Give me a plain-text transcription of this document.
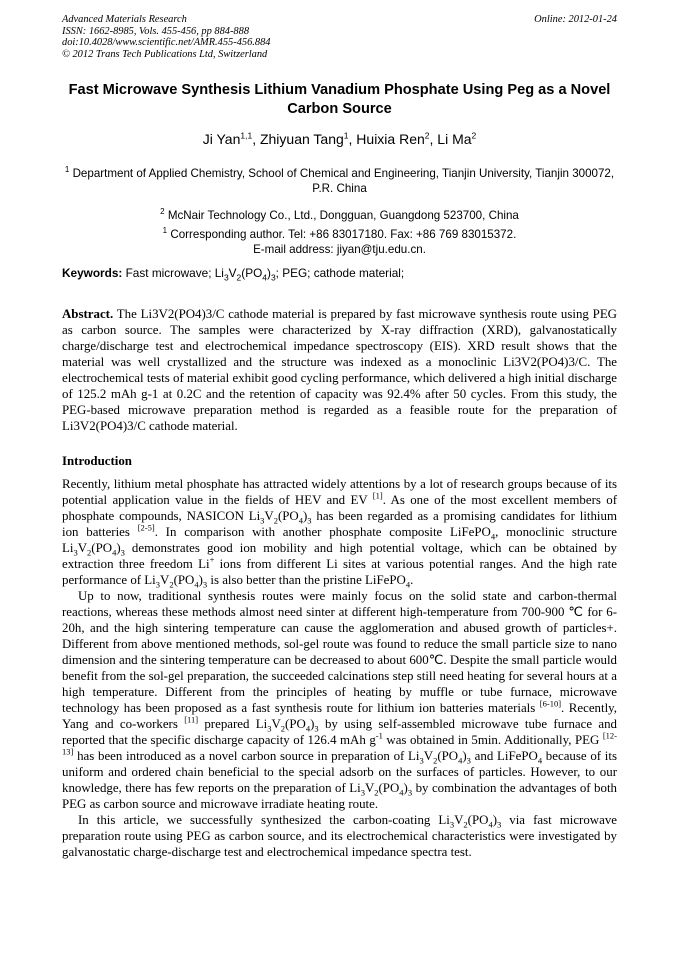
Advanced Materials Research
ISSN: 1662-8985, Vols. 455-456, pp 884-888
doi:10.4028/www.scientific.net/AMR.455-456.884
© 2012 Trans Tech Publications Ltd, Switzerland
Online: 2012-01-24
Fast Microwave Synthesis Lithium Vanadium Phosphate Using Peg as a Novel Carbon Source
Ji Yan$^{1,1}$, Zhiyuan Tang$^1$, Huixia Ren$^2$, Li Ma$^2$
$^1$ Department of Applied Chemistry, School of Chemical and Engineering, Tianjin University, Tianjin 300072, P.R. China
$^2$ McNair Technology Co., Ltd., Dongguan, Guangdong 523700, China
$^1$ Corresponding author. Tel: +86 83017180. Fax: +86 769 83015372.
E-mail address: jiyan@tju.edu.cn.
Keywords: Fast microwave; $Li_3V_2(PO_4)_3$; PEG; cathode material;
Abstract. The Li3V2(PO4)3/C cathode material is prepared by fast microwave synthesis route using PEG as carbon source. The samples were characterized by X-ray diffraction (XRD), galvanostatically charge/discharge test and electrochemical impedance spectroscopy (EIS). XRD result shows that the material was well crystallized and the structure was indexed as a monoclinic Li3V2(PO4)3/C. The electrochemical tests of material exhibit good cycling performance, which delivered a high initial discharge of 125.2 mAh g-1 at 0.2C and the retention of capacity was 92.4% after 50 cycles. From this study, the PEG-based microwave preparation method is regarded as a feasible route for the preparation of Li3V2(PO4)3/C cathode material.
Introduction

Recently, lithium metal phosphate has attracted widely attentions by a lot of research groups because of its potential application value in the fields of HEV and EV [1]. As one of the most excellent members of phosphate compounds, NASICON $Li_3V_2(PO_4)_3$ has been regarded as a promising candidates for lithium ion batteries [2-5]. In comparison with another phosphate composite LiFePO$_4$, monoclinic structure $Li_3V_2(PO_4)_3$ demonstrates good ion mobility and high potential voltage, which can be obtained by extraction three freedom Li+ ions from different Li sites at various potential ranges. And the high rate performance of $Li_3V_2(PO_4)_3$ is also better than the pristine LiFePO$_4$.

Up to now, traditional synthesis routes were mainly focus on the solid state and carbon-thermal reactions, whereas these methods almost need sinter at different high-temperature from 700-900 ℃ for 6-20h, and the high sintering temperature can cause the agglomeration and abused growth of particles+. Different from above mentioned methods, sol-gel route was found to reduce the small particle size to nano dimension and the sintering temperature can be decreased to about 600℃. Despite the small particle would benefit from the sol-gel preparation, the succeeded calcinations step still need heating for several hours at a high temperature. Different from the principles of heating by muffle or tube furnace, microwave technology has been proposed as a fast synthesis route for lithium ion batteries materials [6-10]. Recently, Yang and co-workers [11] prepared $Li_3V_2(PO_4)_3$ by using self-assembled microwave tube furnace and reported that the specific discharge capacity of 126.4 mAh $g^{-1}$ was obtained in 5min. Additionally, PEG [12-13] has been introduced as a novel carbon source in preparation of $Li_3V_2(PO_4)_3$ and LiFePO$_4$ because of its uniform and ordered chain beneficial to the special adsorb on the surfaces of particles. However, to our knowledge, there has few reports on the preparation of $Li_3V_2(PO_4)_3$ by combination the advantages of both PEG as carbon source and microwave irradiate heating route.

In this article, we successfully synthesized the carbon-coating $Li_3V_2(PO_4)_3$ via fast microwave preparation route using PEG as carbon source, and its electrochemical characteristics were investigated by galvanostatic charge-discharge test and electrochemical impedance spectra test.
